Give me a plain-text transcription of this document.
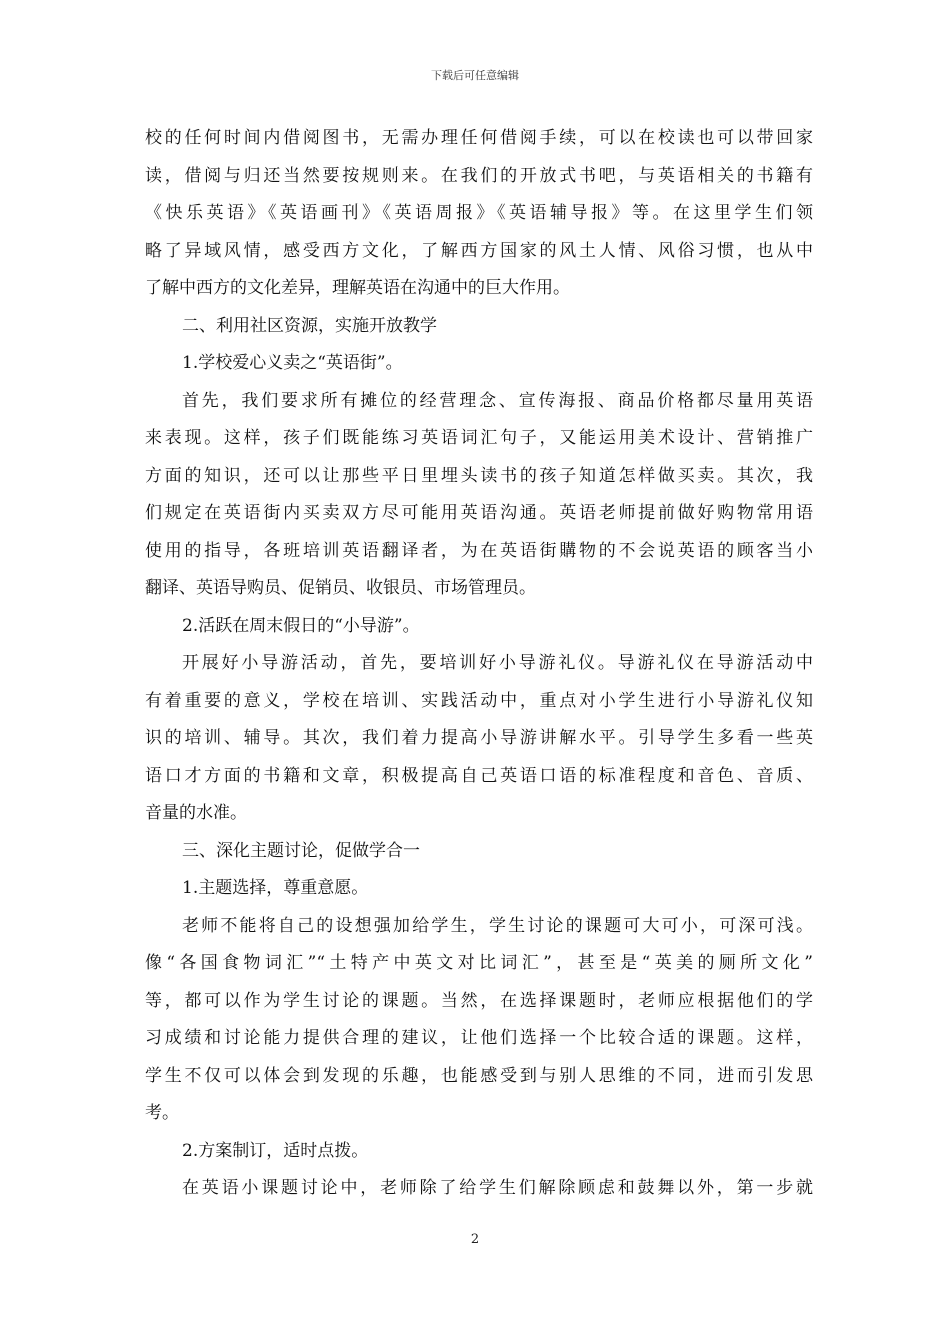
下载后可任意编辑
校的任何时间内借阅图书，无需办理任何借阅手续，可以在校读也可以带回家
读，借阅与归还当然要按规则来。在我们的开放式书吧，与英语相关的书籍有
《快乐英语》《英语画刊》《英语周报》《英语辅导报》等。在这里学生们领
略了异域风情，感受西方文化，了解西方国家的风土人情、风俗习惯，也从中
了解中西方的文化差异，理解英语在沟通中的巨大作用。
二、利用社区资源，实施开放教学
1.学校爱心义卖之“英语街”。
首先，我们要求所有摊位的经营理念、宣传海报、商品价格都尽量用英语
来表现。这样，孩子们既能练习英语词汇句子，又能运用美术设计、营销推广
方面的知识，还可以让那些平日里埋头读书的孩子知道怎样做买卖。其次，我
们规定在英语街内买卖双方尽可能用英语沟通。英语老师提前做好购物常用语
使用的指导，各班培训英语翻译者，为在英语街購物的不会说英语的顾客当小
翻译、英语导购员、促销员、收银员、市场管理员。
2.活跃在周末假日的“小导游”。
开展好小导游活动，首先，要培训好小导游礼仪。导游礼仪在导游活动中
有着重要的意义，学校在培训、实践活动中，重点对小学生进行小导游礼仪知
识的培训、辅导。其次，我们着力提高小导游讲解水平。引导学生多看一些英
语口才方面的书籍和文章，积极提高自己英语口语的标准程度和音色、音质、
音量的水准。
三、深化主题讨论，促做学合一
1.主题选择，尊重意愿。
老师不能将自己的设想强加给学生，学生讨论的课题可大可小，可深可浅。
像“各国食物词汇”“土特产中英文对比词汇”，甚至是“英美的厕所文化”
等，都可以作为学生讨论的课题。当然，在选择课题时，老师应根据他们的学
习成绩和讨论能力提供合理的建议，让他们选择一个比较合适的课题。这样，
学生不仅可以体会到发现的乐趣，也能感受到与别人思维的不同，进而引发思
考。
2.方案制订，适时点拨。
在英语小课题讨论中，老师除了给学生们解除顾虑和鼓舞以外，第一步就
2
